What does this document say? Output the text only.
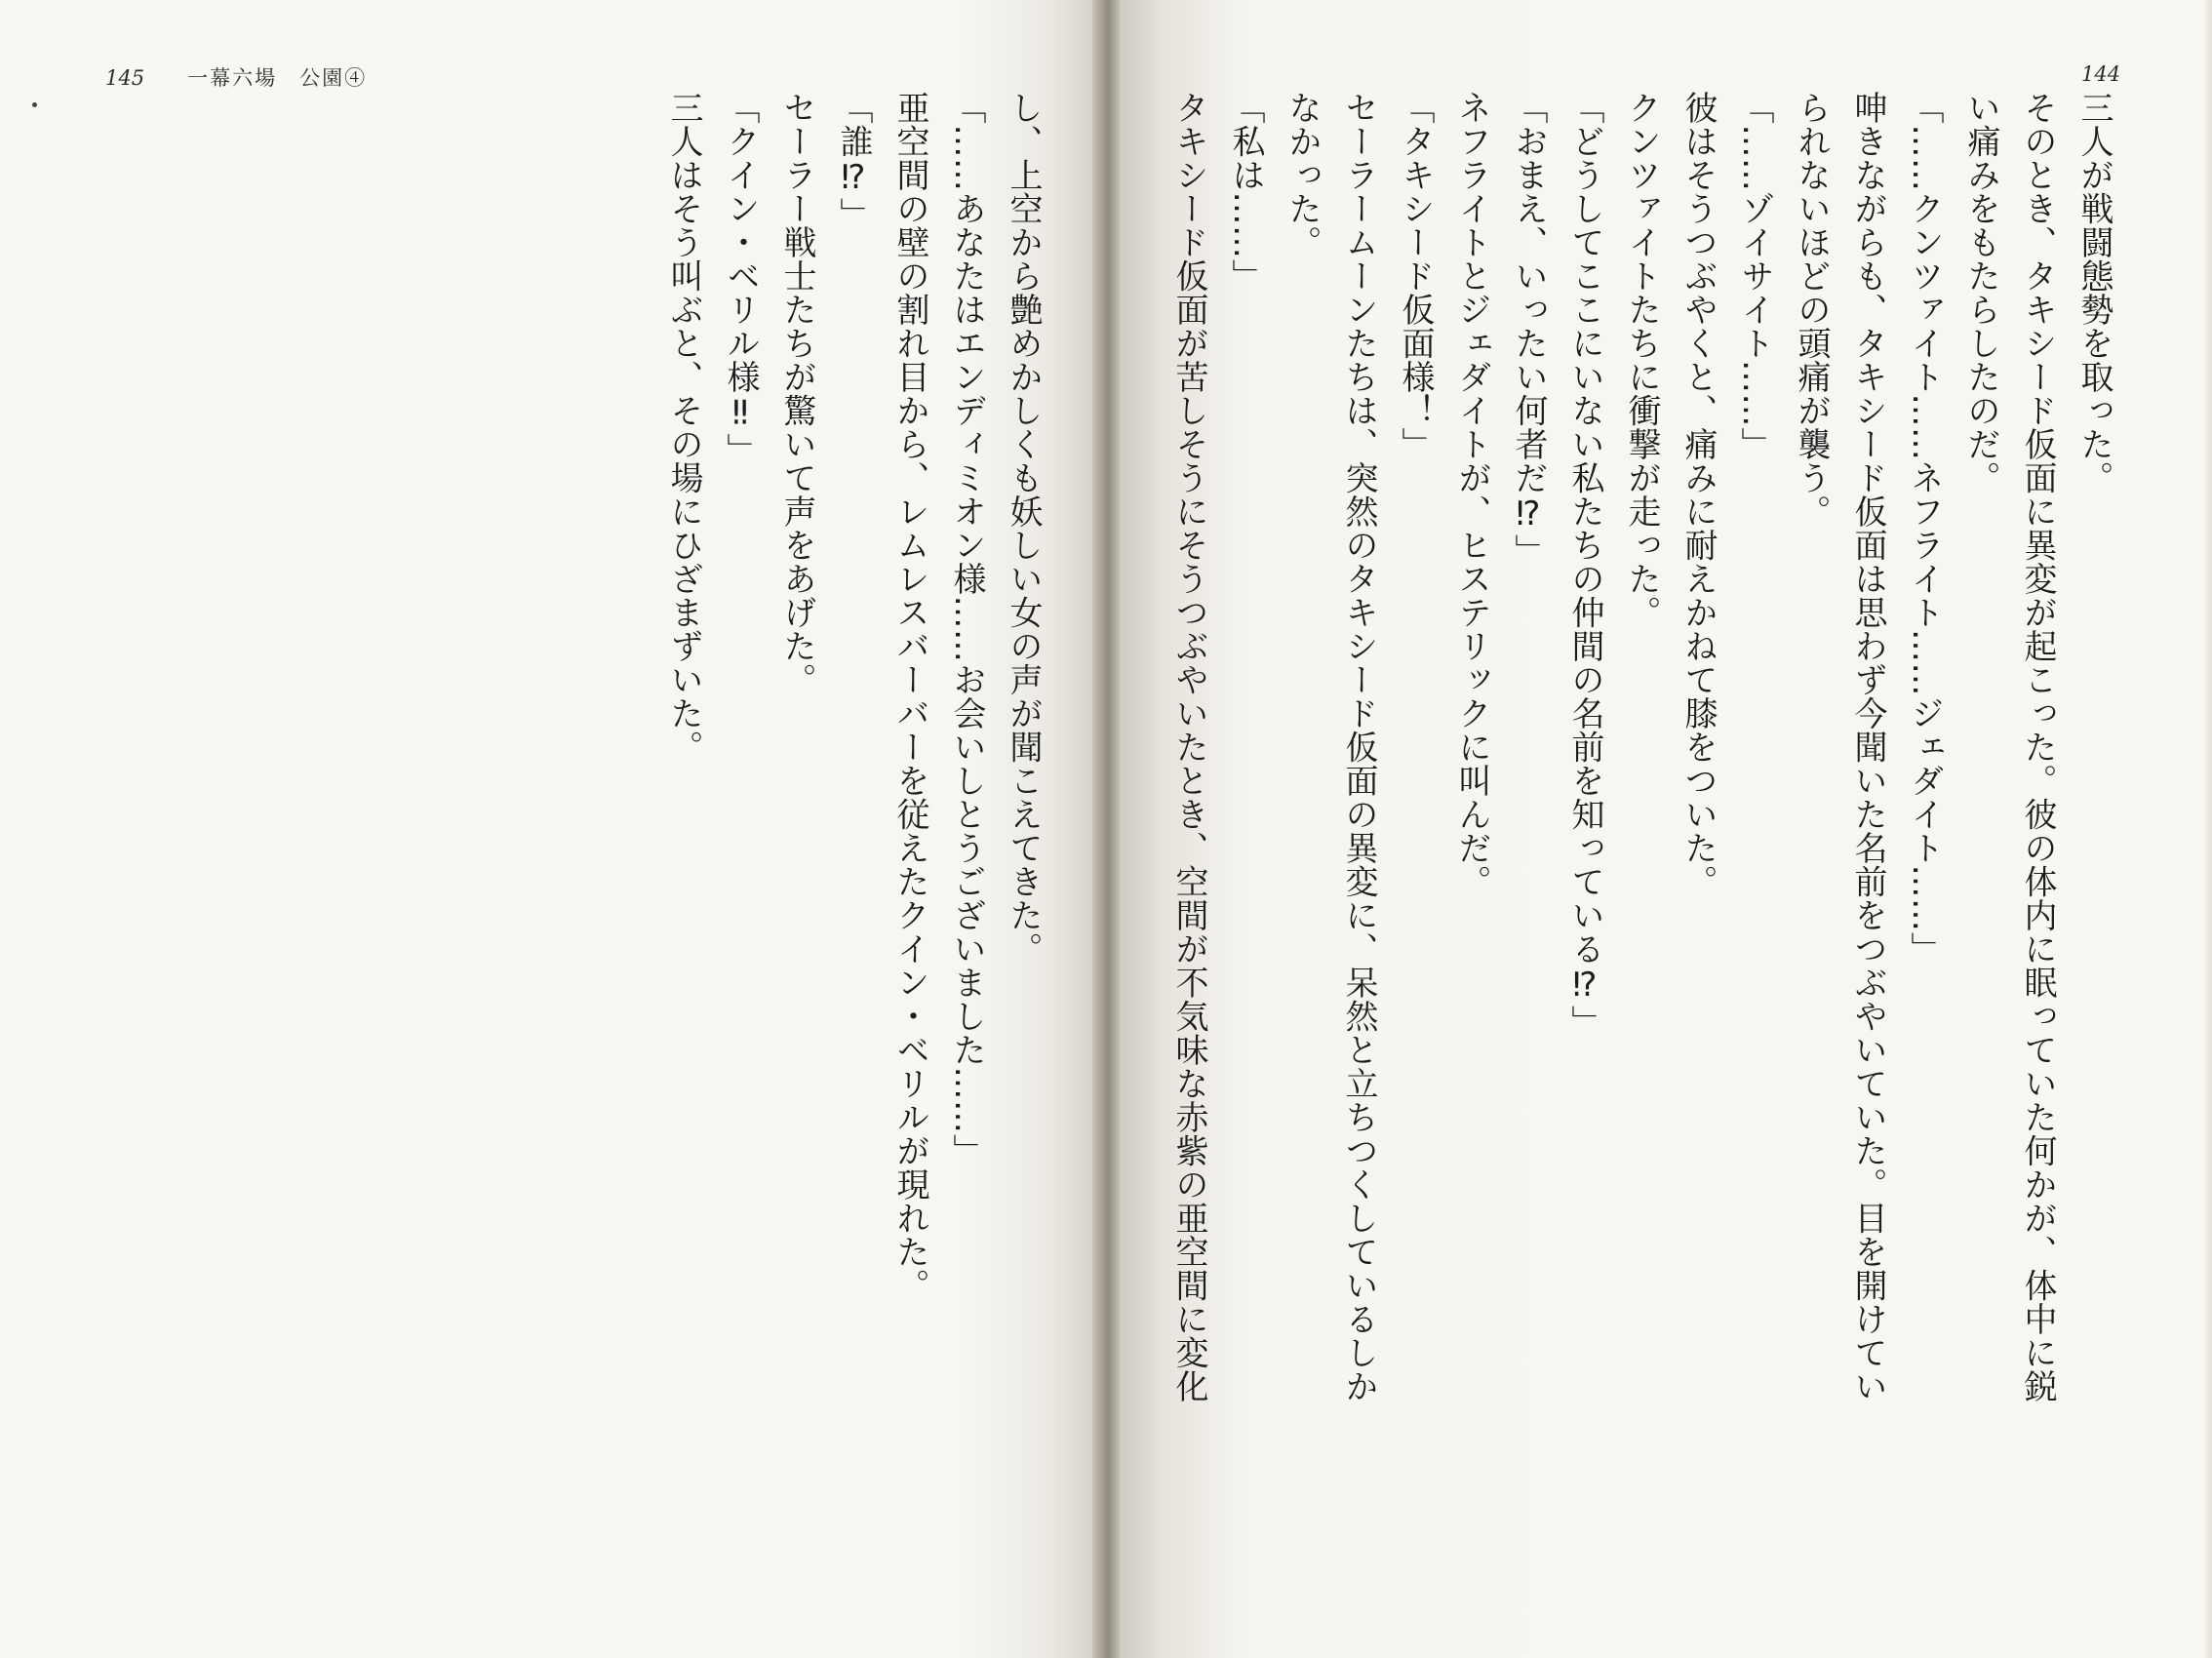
145 一幕六場　公園④	144

三人が戦闘態勢を取った。

そのとき、タキシード仮面に異変が起こった。彼の体内に眠っていた何かが、体中に鋭

い痛みをもたらしたのだ。

「……クンツァイト……ネフライト……ジェダイト……」

呻きながらも、タキシード仮面は思わず今聞いた名前をつぶやいていた。目を開けてい

られないほどの頭痛が襲う。

「……ゾイサイト……」

彼はそうつぶやくと、痛みに耐えかねて膝をついた。

クンツァイトたちに衝撃が走った。

「どうしてここにいない私たちの仲間の名前を知っている⁉」

「おまえ、いったい何者だ⁉」

ネフライトとジェダイトが、ヒステリックに叫んだ。

「タキシード仮面様！」

セーラームーンたちは、突然のタキシード仮面の異変に、呆然と立ちつくしているしか

なかった。

「私は……」

タキシード仮面が苦しそうにそうつぶやいたとき、空間が不気味な赤紫の亜空間に変化

し、上空から艶めかしくも妖しい女の声が聞こえてきた。

「……あなたはエンディミオン様……お会いしとうございました……」

亜空間の壁の割れ目から、レムレスバーバーを従えたクイン・ベリルが現れた。

「誰⁉」

セーラー戦士たちが驚いて声をあげた。

「クイン・ベリル様‼」

三人はそう叫ぶと、その場にひざまずいた。
